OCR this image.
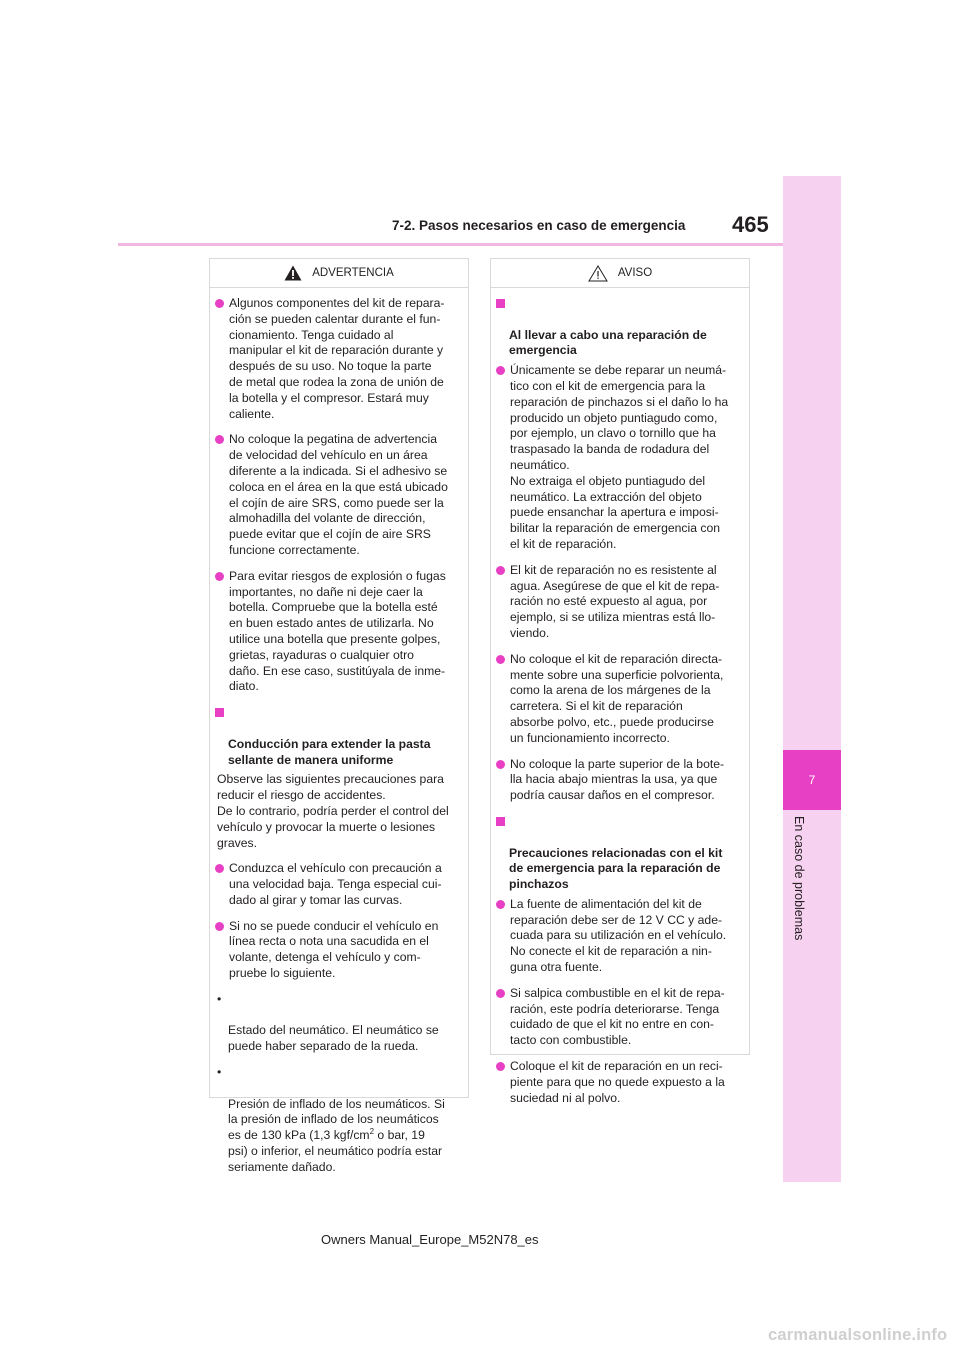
7-2. Pasos necesarios en caso de emergencia 465
7
En caso de problemas
ADVERTENCIA
Algunos componentes del kit de repara-
ción se pueden calentar durante el fun-
cionamiento. Tenga cuidado al
manipular el kit de reparación durante y
después de su uso. No toque la parte
de metal que rodea la zona de unión de
la botella y el compresor. Estará muy
caliente.
No coloque la pegatina de advertencia
de velocidad del vehículo en un área
diferente a la indicada. Si el adhesivo se
coloca en el área en la que está ubicado
el cojín de aire SRS, como puede ser la
almohadilla del volante de dirección,
puede evitar que el cojín de aire SRS
funcione correctamente.
Para evitar riesgos de explosión o fugas
importantes, no dañe ni deje caer la
botella. Compruebe que la botella esté
en buen estado antes de utilizarla. No
utilice una botella que presente golpes,
grietas, rayaduras o cualquier otro
daño. En ese caso, sustitúyala de inme-
diato.

Conducción para extender la pasta
sellante de manera uniforme

Observe las siguientes precauciones para
reducir el riesgo de accidentes.
De lo contrario, podría perder el control del
vehículo y provocar la muerte o lesiones
graves.
Conduzca el vehículo con precaución a
una velocidad baja. Tenga especial cui-
dado al girar y tomar las curvas.
Si no se puede conducir el vehículo en
línea recta o nota una sacudida en el
volante, detenga el vehículo y com-
pruebe lo siguiente.

•

Estado del neumático. El neumático se
puede haber separado de la rueda.

•

Presión de inflado de los neumáticos. Si
la presión de inflado de los neumáticos
es de 130 kPa (1,3 kgf/$cm^2$ o bar, 19
psi) o inferior, el neumático podría estar
seriamente dañado.

AVISO

Al llevar a cabo una reparación de
emergencia

Únicamente se debe reparar un neumá-
tico con el kit de emergencia para la
reparación de pinchazos si el daño lo ha
producido un objeto puntiagudo como,
por ejemplo, un clavo o tornillo que ha
traspasado la banda de rodadura del
neumático.
No extraiga el objeto puntiagudo del
neumático. La extracción del objeto
puede ensanchar la apertura e imposi-
bilitar la reparación de emergencia con
el kit de reparación.
El kit de reparación no es resistente al
agua. Asegúrese de que el kit de repa-
ración no esté expuesto al agua, por
ejemplo, si se utiliza mientras está llo-
viendo.
No coloque el kit de reparación directa-
mente sobre una superficie polvorienta,
como la arena de los márgenes de la
carretera. Si el kit de reparación
absorbe polvo, etc., puede producirse
un funcionamiento incorrecto.
No coloque la parte superior de la bote-
lla hacia abajo mientras la usa, ya que
podría causar daños en el compresor.

Precauciones relacionadas con el kit
de emergencia para la reparación de
pinchazos

La fuente de alimentación del kit de
reparación debe ser de 12 V CC y ade-
cuada para su utilización en el vehículo.
No conecte el kit de reparación a nin-
guna otra fuente.
Si salpica combustible en el kit de repa-
ración, este podría deteriorarse. Tenga
cuidado de que el kit no entre en con-
tacto con combustible.
Coloque el kit de reparación en un reci-
piente para que no quede expuesto a la
suciedad ni al polvo.
Owners Manual_Europe_M52N78_es
carmanualsonline.info
